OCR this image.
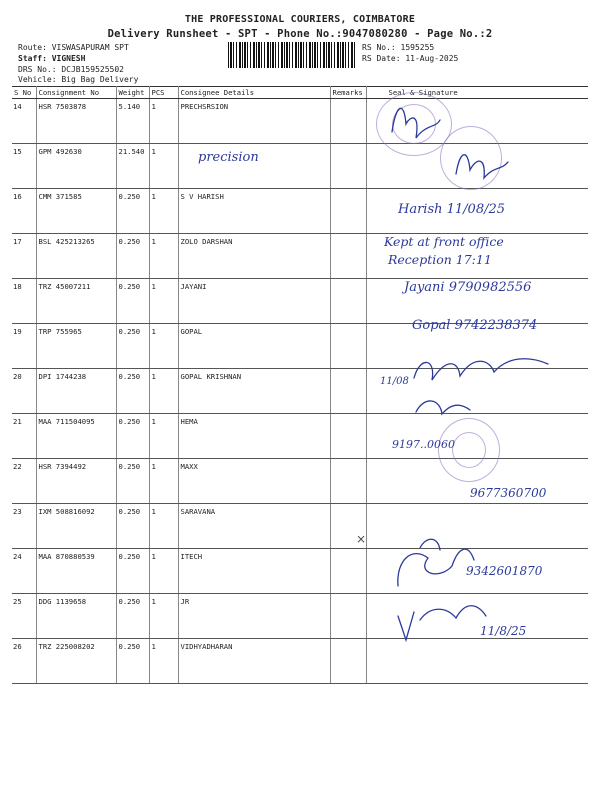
THE PROFESSIONAL COURIERS, COIMBATORE
Delivery Runsheet - SPT - Phone No.:9047080280 - Page No.:2
Route: VISWASAPURAM SPT
Staff: VIGNESH
DRS No.: DCJB159525502
Vehicle: Big Bag Delivery
RS No.: 1595255
RS Date: 11-Aug-2025
S No	Consignment No	Weight	PCS	Consignee Details	Remarks	Seal & Signature
14	HSR 7503878	5.140	1	PRECHSRSION		
15	GPM 492630	21.540	1			
16	CMM 371585	0.250	1	S V HARISH		
17	BSL 425213265	0.250	1	ZOLO DARSHAN		
18	TRZ 45007211	0.250	1	JAYANI		
19	TRP 755965	0.250	1	GOPAL		
20	DPI 1744238	0.250	1	GOPAL KRISHNAN		
21	MAA 711504095	0.250	1	HEMA		
22	HSR 7394492	0.250	1	MAXX		
23	IXM 508816092	0.250	1	SARAVANA		
24	MAA 870880539	0.250	1	ITECH		
25	DDG 1139658	0.250	1	JR		
26	TRZ 225008202	0.250	1	VIDHYADHARAN		
precision
Harish 11/08/25
Kept at front office
Reception 17:11
Jayani 9790982556
Gopal 9742238374
11/08
9197..0060
9677360700
×
9342601870
11/8/25
